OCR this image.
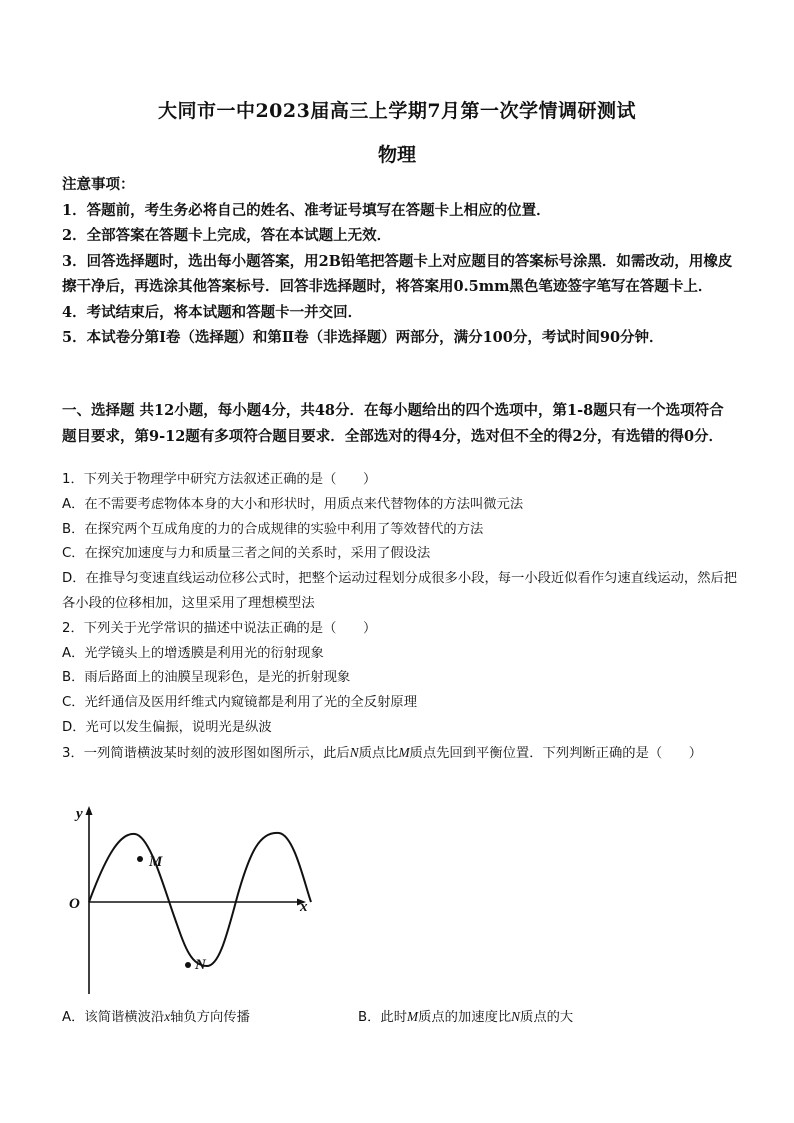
大同市一中2023届高三上学期7月第一次学情调研测试
物理

注意事项：

1．答题前，考生务必将自己的姓名、准考证号填写在答题卡上相应的位置．

2．全部答案在答题卡上完成，答在本试题上无效．

3．回答选择题时，选出每小题答案，用2B铅笔把答题卡上对应题目的答案标号涂黑．如需改动，用橡皮擦干净后，再选涂其他答案标号．回答非选择题时，将答案用0.5mm黑色笔迹签字笔写在答题卡上．

4．考试结束后，将本试题和答题卡一并交回．

5．本试卷分第Ⅰ卷（选择题）和第Ⅱ卷（非选择题）两部分，满分100分，考试时间90分钟．

一、选择题 共12小题，每小题4分，共48分．在每小题给出的四个选项中，第1-8题只有一个选项符合题目要求，第9-12题有多项符合题目要求．全部选对的得4分，选对但不全的得2分，有选错的得0分．

1．下列关于物理学中研究方法叙述正确的是（　　）

A．在不需要考虑物体本身的大小和形状时，用质点来代替物体的方法叫微元法

B．在探究两个互成角度的力的合成规律的实验中利用了等效替代的方法

C．在探究加速度与力和质量三者之间的关系时，采用了假设法

D．在推导匀变速直线运动位移公式时，把整个运动过程划分成很多小段，每一小段近似看作匀速直线运动，然后把各小段的位移相加，这里采用了理想模型法

2．下列关于光学常识的描述中说法正确的是（　　）

A．光学镜头上的增透膜是利用光的衍射现象

B．雨后路面上的油膜呈现彩色，是光的折射现象

C．光纤通信及医用纤维式内窥镜都是利用了光的全反射原理

D．光可以发生偏振，说明光是纵波

3．一列简谐横波某时刻的波形图如图所示，此后N质点比M质点先回到平衡位置．下列判断正确的是（　　）

y
x
O
M
N
A．该简谐横波沿x轴负方向传播	B．此时M质点的加速度比N质点的大
